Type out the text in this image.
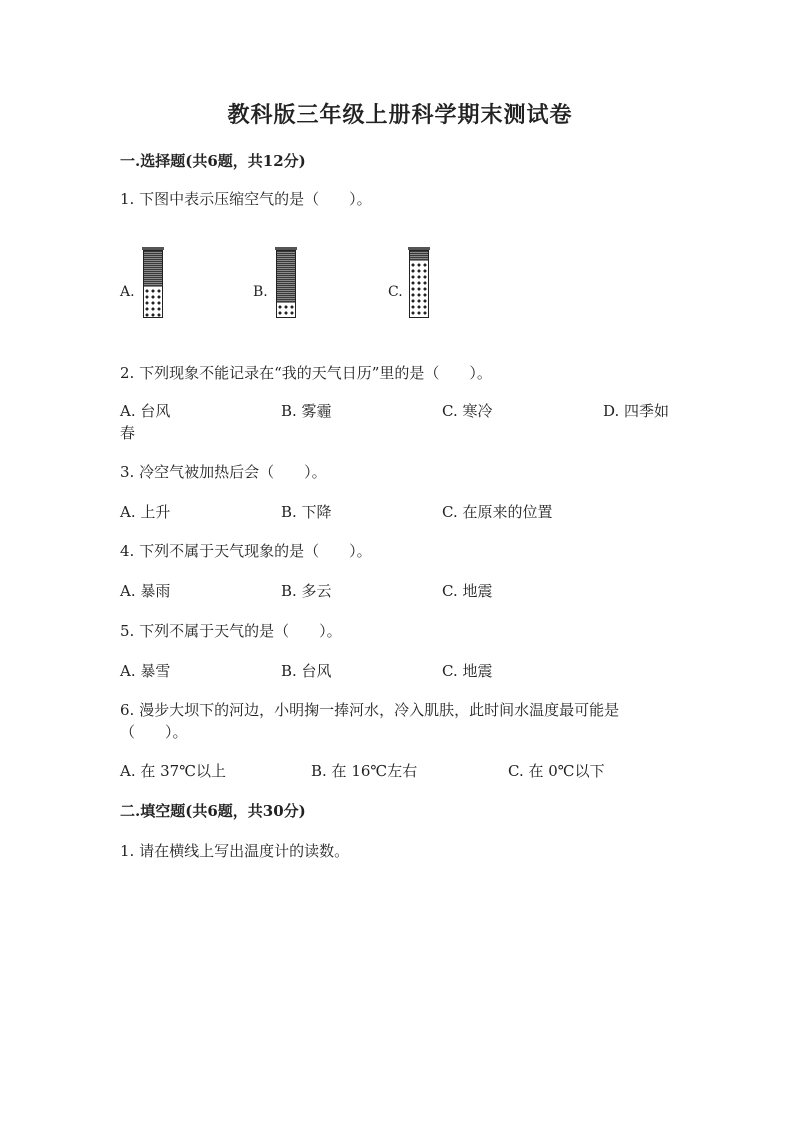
教科版三年级上册科学期末测试卷
一.选择题(共6题，共12分)
1. 下图中表示压缩空气的是（　　）。
A.	B.	C.
2. 下列现象不能记录在“我的天气日历”里的是（　　）。
A. 台风	B. 雾霾	C. 寒冷	D. 四季如
春
3. 冷空气被加热后会（　　）。
A. 上升	B. 下降	C. 在原来的位置
4. 下列不属于天气现象的是（　　）。
A. 暴雨	B. 多云	C. 地震
5. 下列不属于天气的是（　　）。
A. 暴雪	B. 台风	C. 地震
6. 漫步大坝下的河边，小明掬一捧河水，冷入肌肤，此时间水温度最可能是
（　　）。
A. 在 37℃以上	B. 在 16℃左右	C. 在 0℃以下
二.填空题(共6题，共30分)
1. 请在横线上写出温度计的读数。
